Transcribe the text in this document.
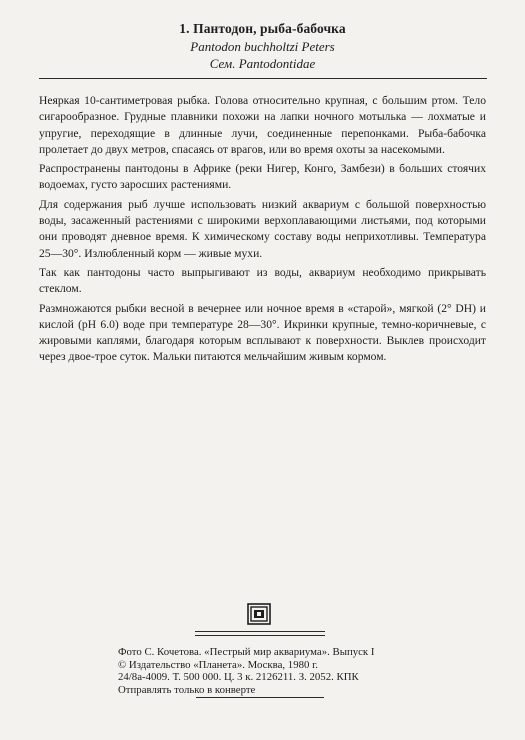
1. Пантодон, рыба-бабочка
Pantodon buchholtzi Peters
Сем. Pantodontidae

Неяркая 10-сантиметровая рыбка. Голова относительно крупная, с большим ртом. Тело сигарообразное. Грудные плавники похожи на лапки ночного мотылька — лохматые и упругие, переходящие в длинные лучи, соединенные перепонками. Рыба-бабочка пролетает до двух метров, спасаясь от врагов, или во время охоты за насекомыми.

Распространены пантодоны в Африке (реки Нигер, Конго, Замбези) в больших стоячих водоемах, густо заросших растениями.

Для содержания рыб лучше использовать низкий аквариум с большой поверхностью воды, засаженный растениями с широкими верхоплавающими листьями, под которыми они проводят дневное время. К химическому составу воды неприхотливы. Температура 25—30°. Излюбленный корм — живые мухи.

Так как пантодоны часто выпрыгивают из воды, аквариум необходимо прикрывать стеклом.

Размножаются рыбки весной в вечернее или ночное время в «старой», мягкой (2° DH) и кислой (pH 6.0) воде при температуре 28—30°. Икринки крупные, темно-коричневые, с жировыми каплями, благодаря которым всплывают к поверхности. Выклев происходит через двое-трое суток. Мальки питаются мельчайшим живым кормом.

Фото С. Кочетова. «Пестрый мир аквариума». Выпуск I
© Издательство «Планета». Москва, 1980 г.
24/8а-4009. Т. 500 000. Ц. 3 к. 2126211. З. 2052. КПК
Отправлять только в конверте
